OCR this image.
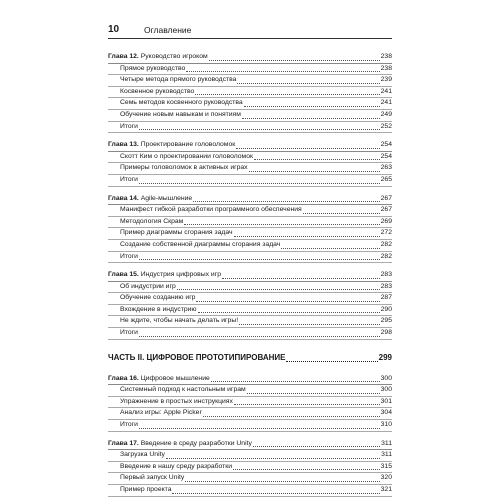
10	Оглавление
Глава 12. Руководство игроком	238
Прямое руководство	238
Четыре метода прямого руководства	239
Косвенное руководство	241
Семь методов косвенного руководства	241
Обучение новым навыкам и понятиям	249
Итоги	252
Глава 13. Проектирование головоломок	254
Скотт Ким о проектировании головоломок	254
Примеры головоломок в активных играх	263
Итоги	265
Глава 14. Agile-мышление	267
Манифест гибкой разработки программного обеспечения	267
Методология Скрам	269
Пример диаграммы сгорания задач	272
Создание собственной диаграммы сгорания задач	282
Итоги	282
Глава 15. Индустрия цифровых игр	283
Об индустрии игр	283
Обучение созданию игр	287
Вхождение в индустрию	290
Не ждите, чтобы начать делать игры!	295
Итоги	298
ЧАСТЬ II. ЦИФРОВОЕ ПРОТОТИПИРОВАНИЕ	299
Глава 16. Цифровое мышление	300
Системный подход к настольным играм	300
Упражнение в простых инструкциях	301
Анализ игры: Apple Picker	304
Итоги	310
Глава 17. Введение в среду разработки Unity	311
Загрузка Unity	311
Введение в нашу среду разработки	315
Первый запуск Unity	320
Пример проекта	321
